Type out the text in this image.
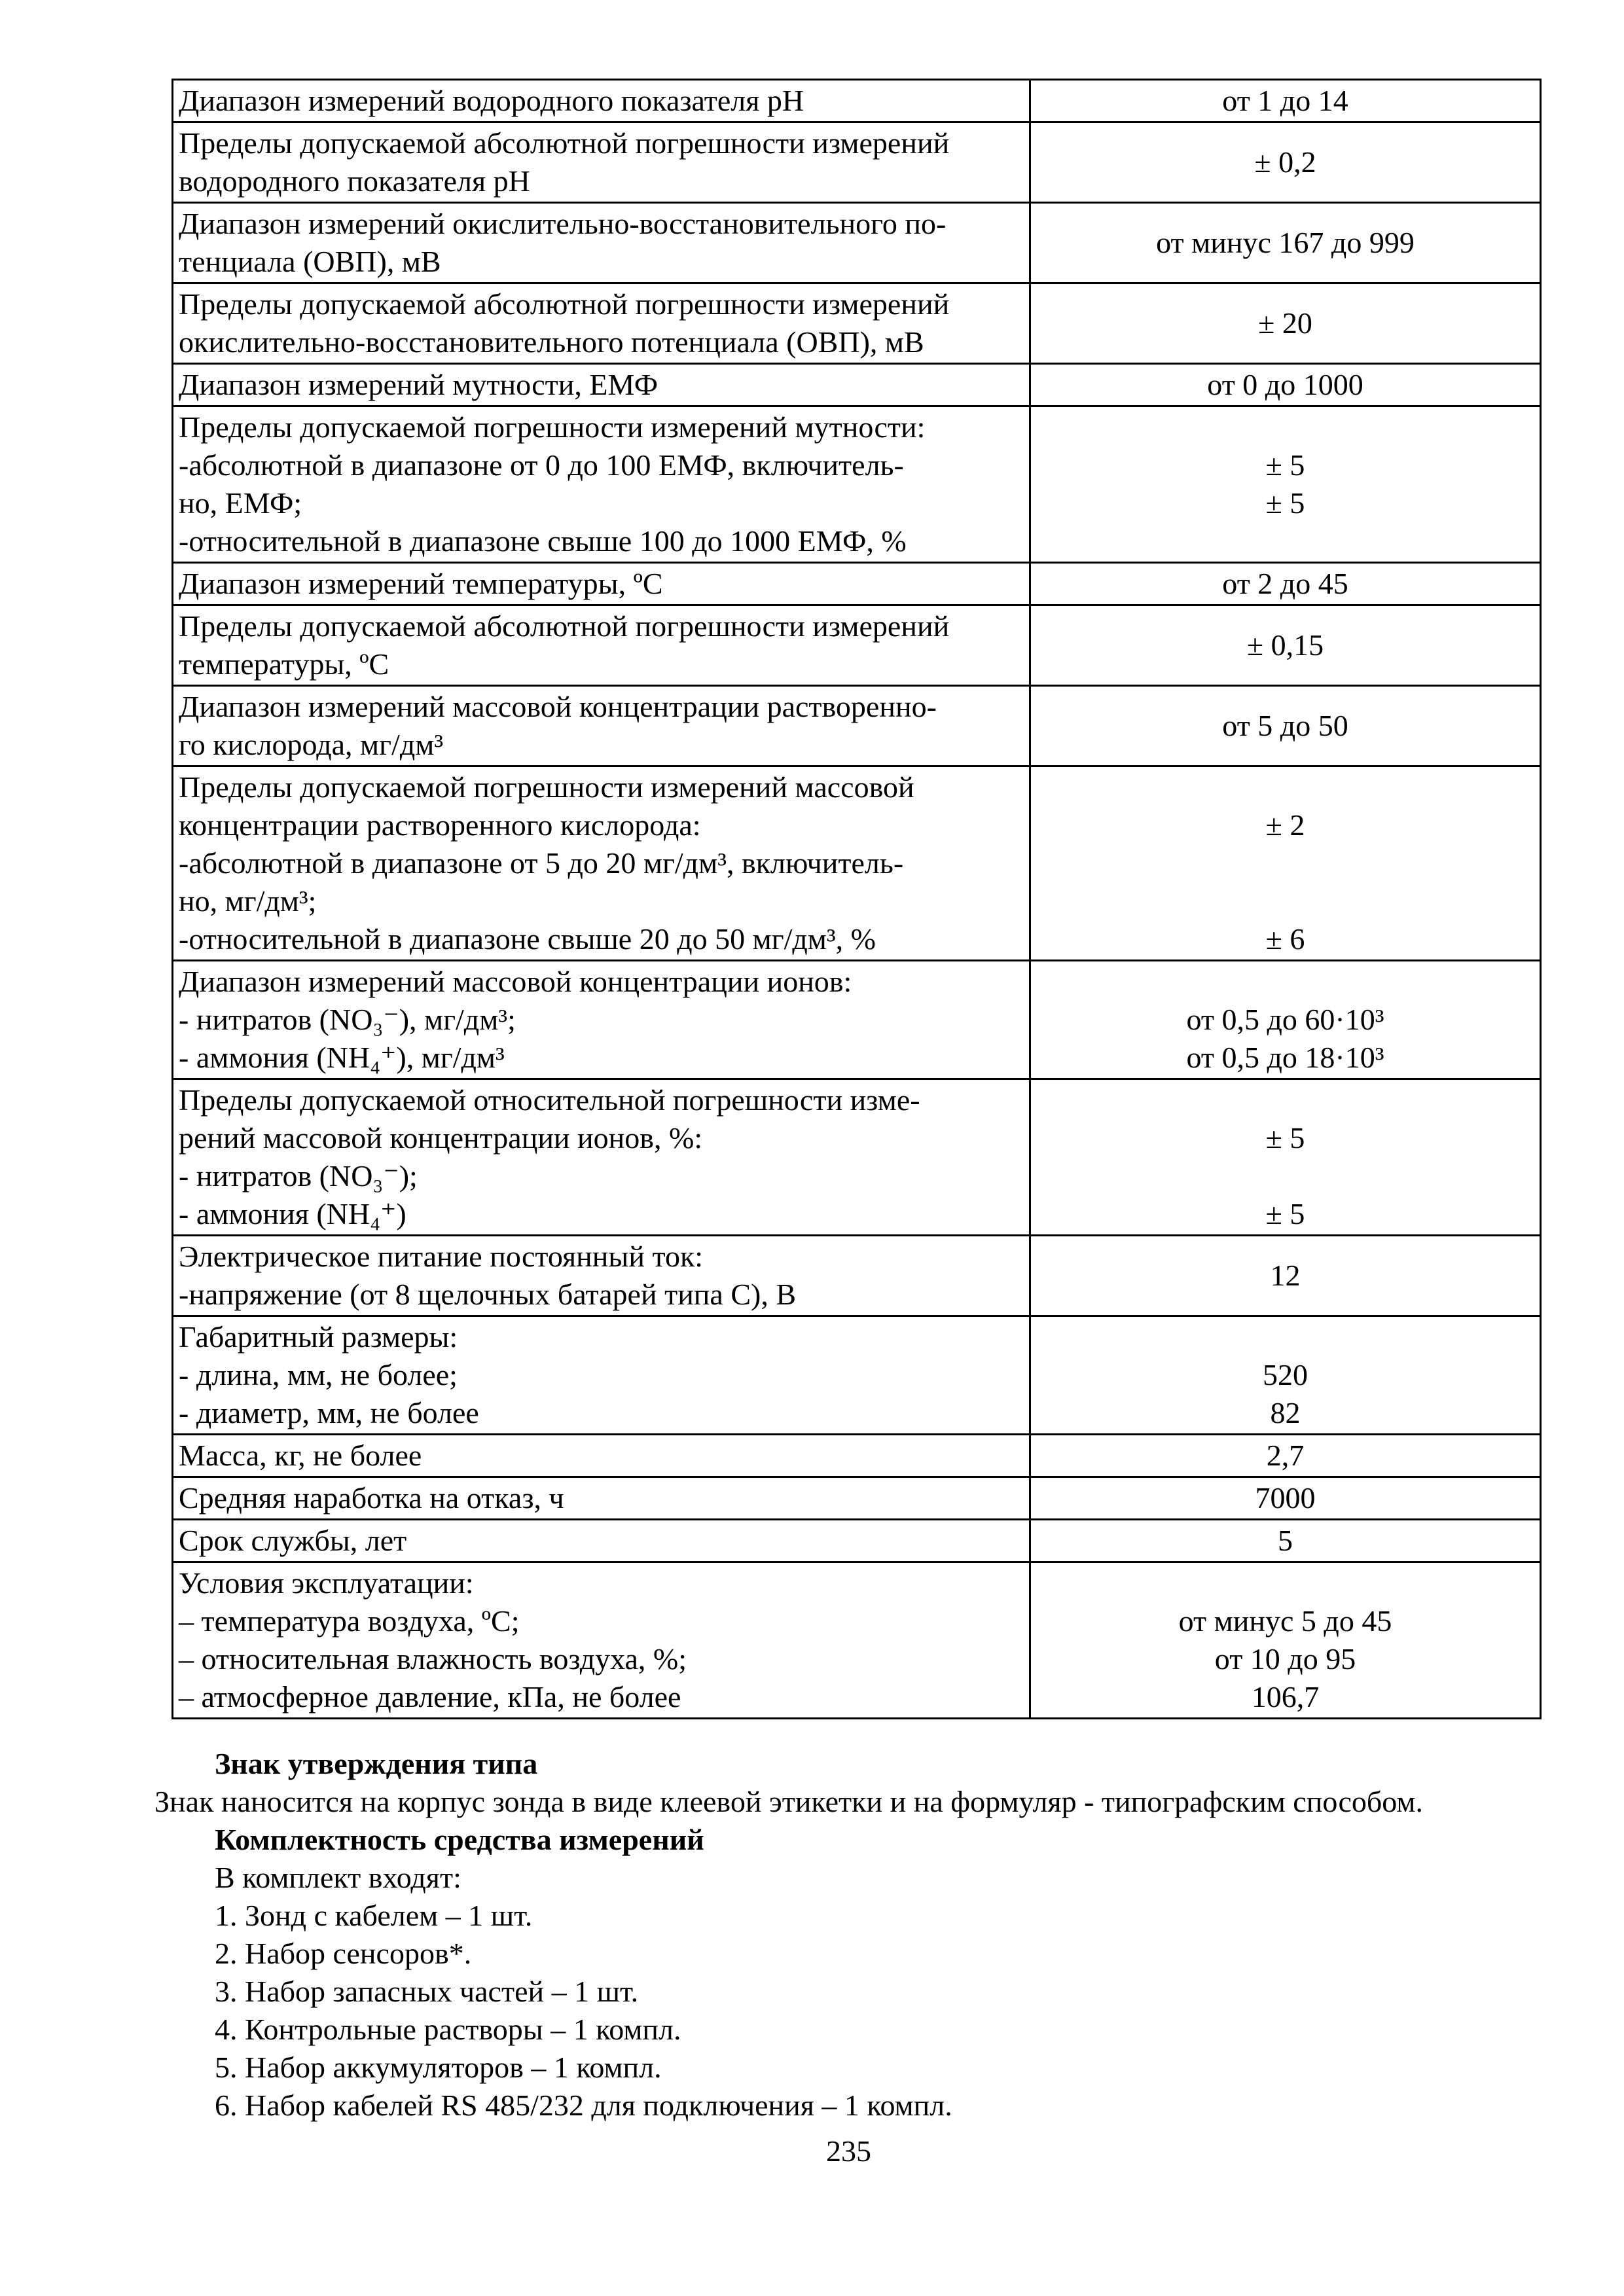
Диапазон измерений водородного показателя рН	от 1 до 14

Пределы допускаемой абсолютной погрешности измерений
водородного показателя рН	± 0,2

Диапазон измерений окислительно-восстановительного по-
тенциала (ОВП), мВ	от минус 167 до 999

Пределы допускаемой абсолютной погрешности измерений
окислительно-восстановительного потенциала (ОВП), мВ	± 20

Диапазон измерений мутности, ЕМФ	от 0 до 1000

Пределы допускаемой погрешности измерений мутности:
-абсолютной в диапазоне от 0 до 100 ЕМФ, включитель-
но, ЕМФ;
-относительной в диапазоне свыше 100 до 1000 ЕМФ, %	± 5
± 5

Диапазон измерений температуры, ºС	от 2 до 45

Пределы допускаемой абсолютной погрешности измерений
температуры, ºС	± 0,15

Диапазон измерений массовой концентрации растворенно-
го кислорода, мг/дм³	от 5 до 50

Пределы допускаемой погрешности измерений массовой
концентрации растворенного кислорода:
-абсолютной в диапазоне от 5 до 20 мг/дм³, включитель-
но, мг/дм³;
-относительной в диапазоне свыше 20 до 50 мг/дм³, %	± 2
± 6

Диапазон измерений массовой концентрации ионов:
- нитратов (NO₃⁻), мг/дм³;
- аммония (NH₄⁺), мг/дм³	от 0,5 до 60·10³
от 0,5 до 18·10³

Пределы допускаемой относительной погрешности изме-
рений массовой концентрации ионов, %:
- нитратов (NO₃⁻);
- аммония (NH₄⁺)	± 5
± 5

Электрическое питание постоянный ток:
-напряжение (от 8 щелочных батарей типа С), В	12

Габаритный размеры:
- длина, мм, не более;
- диаметр, мм, не более	520
82

Масса, кг, не более	2,7

Средняя наработка на отказ, ч	7000

Срок службы, лет	5

Условия эксплуатации:
– температура воздуха, ºС;
– относительная влажность воздуха, %;
– атмосферное давление, кПа, не более	от минус 5 до 45
от 10 до 95
106,7
Знак утверждения типа
Знак наносится на корпус зонда в виде клеевой этикетки и на формуляр - типографским способом.
Комплектность средства измерений
В комплект входят:
1. Зонд с кабелем – 1 шт.
2. Набор сенсоров*.
3. Набор запасных частей – 1 шт.
4. Контрольные растворы – 1 компл.
5. Набор аккумуляторов – 1 компл.
6. Набор кабелей RS 485/232 для подключения – 1 компл.
235
